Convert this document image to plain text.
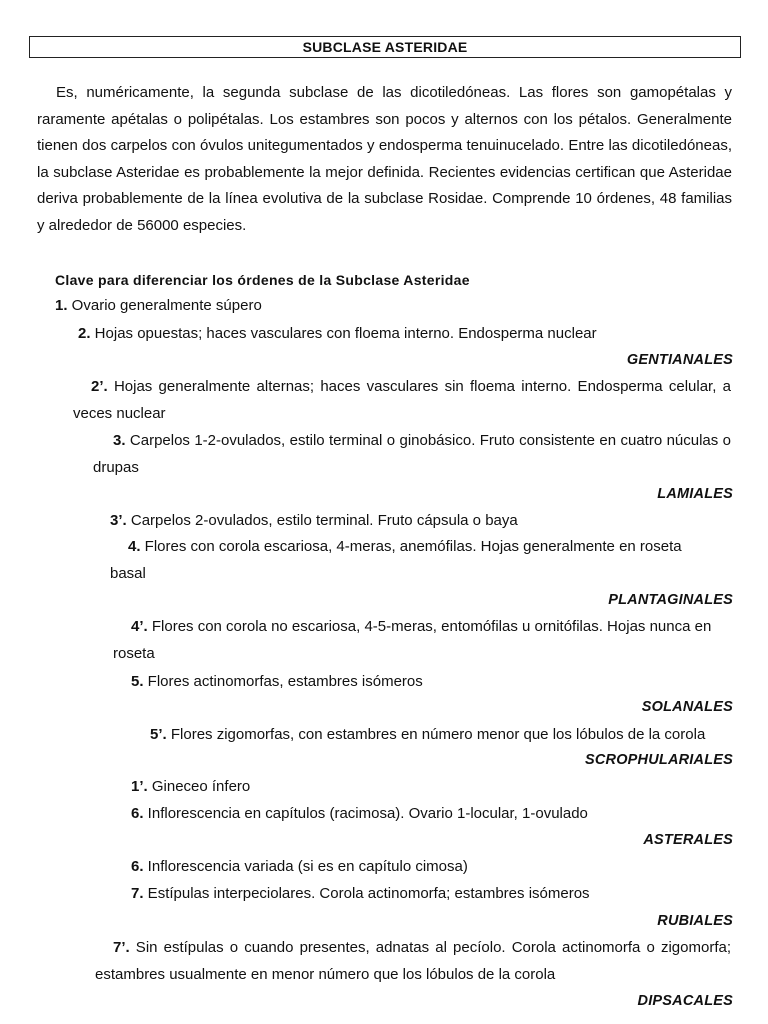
SUBCLASE ASTERIDAE

Es, numéricamente, la segunda subclase de las dicotiledóneas. Las flores son gamopétalas y raramente apétalas o polipétalas. Los estambres son pocos y alternos con los pétalos. Generalmente tienen dos carpelos con óvulos unitegumentados y endosperma tenuinucelado. Entre las dicotiledóneas, la subclase Asteridae es probablemente la mejor definida. Recientes evidencias certifican que Asteridae deriva probablemente de la línea evolutiva de la subclase Rosidae. Comprende 10 órdenes, 48 familias y alrededor de 56000 especies.

Clave para diferenciar los órdenes de la Subclase Asteridae
1. Ovario generalmente súpero
2. Hojas opuestas; haces vasculares con floema interno. Endosperma nuclear
GENTIANALES
2’. Hojas generalmente alternas; haces vasculares sin floema interno. Endosperma celular, a veces nuclear
3. Carpelos 1-2-ovulados, estilo terminal o ginobásico. Fruto consistente en cuatro núculas o drupas
LAMIALES
3’. Carpelos 2-ovulados, estilo terminal. Fruto cápsula o baya
4. Flores con corola escariosa, 4-meras, anemófilas. Hojas generalmente en roseta basal
PLANTAGINALES
4’. Flores con corola no escariosa, 4-5-meras, entomófilas u ornitófilas. Hojas nunca en roseta
5. Flores actinomorfas, estambres isómeros
SOLANALES
5’. Flores zigomorfas, con estambres en número menor que los lóbulos de la corola
SCROPHULARIALES
1’. Gineceo ínfero
6. Inflorescencia en capítulos (racimosa). Ovario 1-locular, 1-ovulado
ASTERALES
6. Inflorescencia variada (si es en capítulo cimosa)
7. Estípulas interpeciolares. Corola actinomorfa; estambres isómeros
RUBIALES
7’. Sin estípulas o cuando presentes, adnatas al pecíolo. Corola actinomorfa o zigomorfa; estambres usualmente en menor número que los lóbulos de la corola
DIPSACALES
